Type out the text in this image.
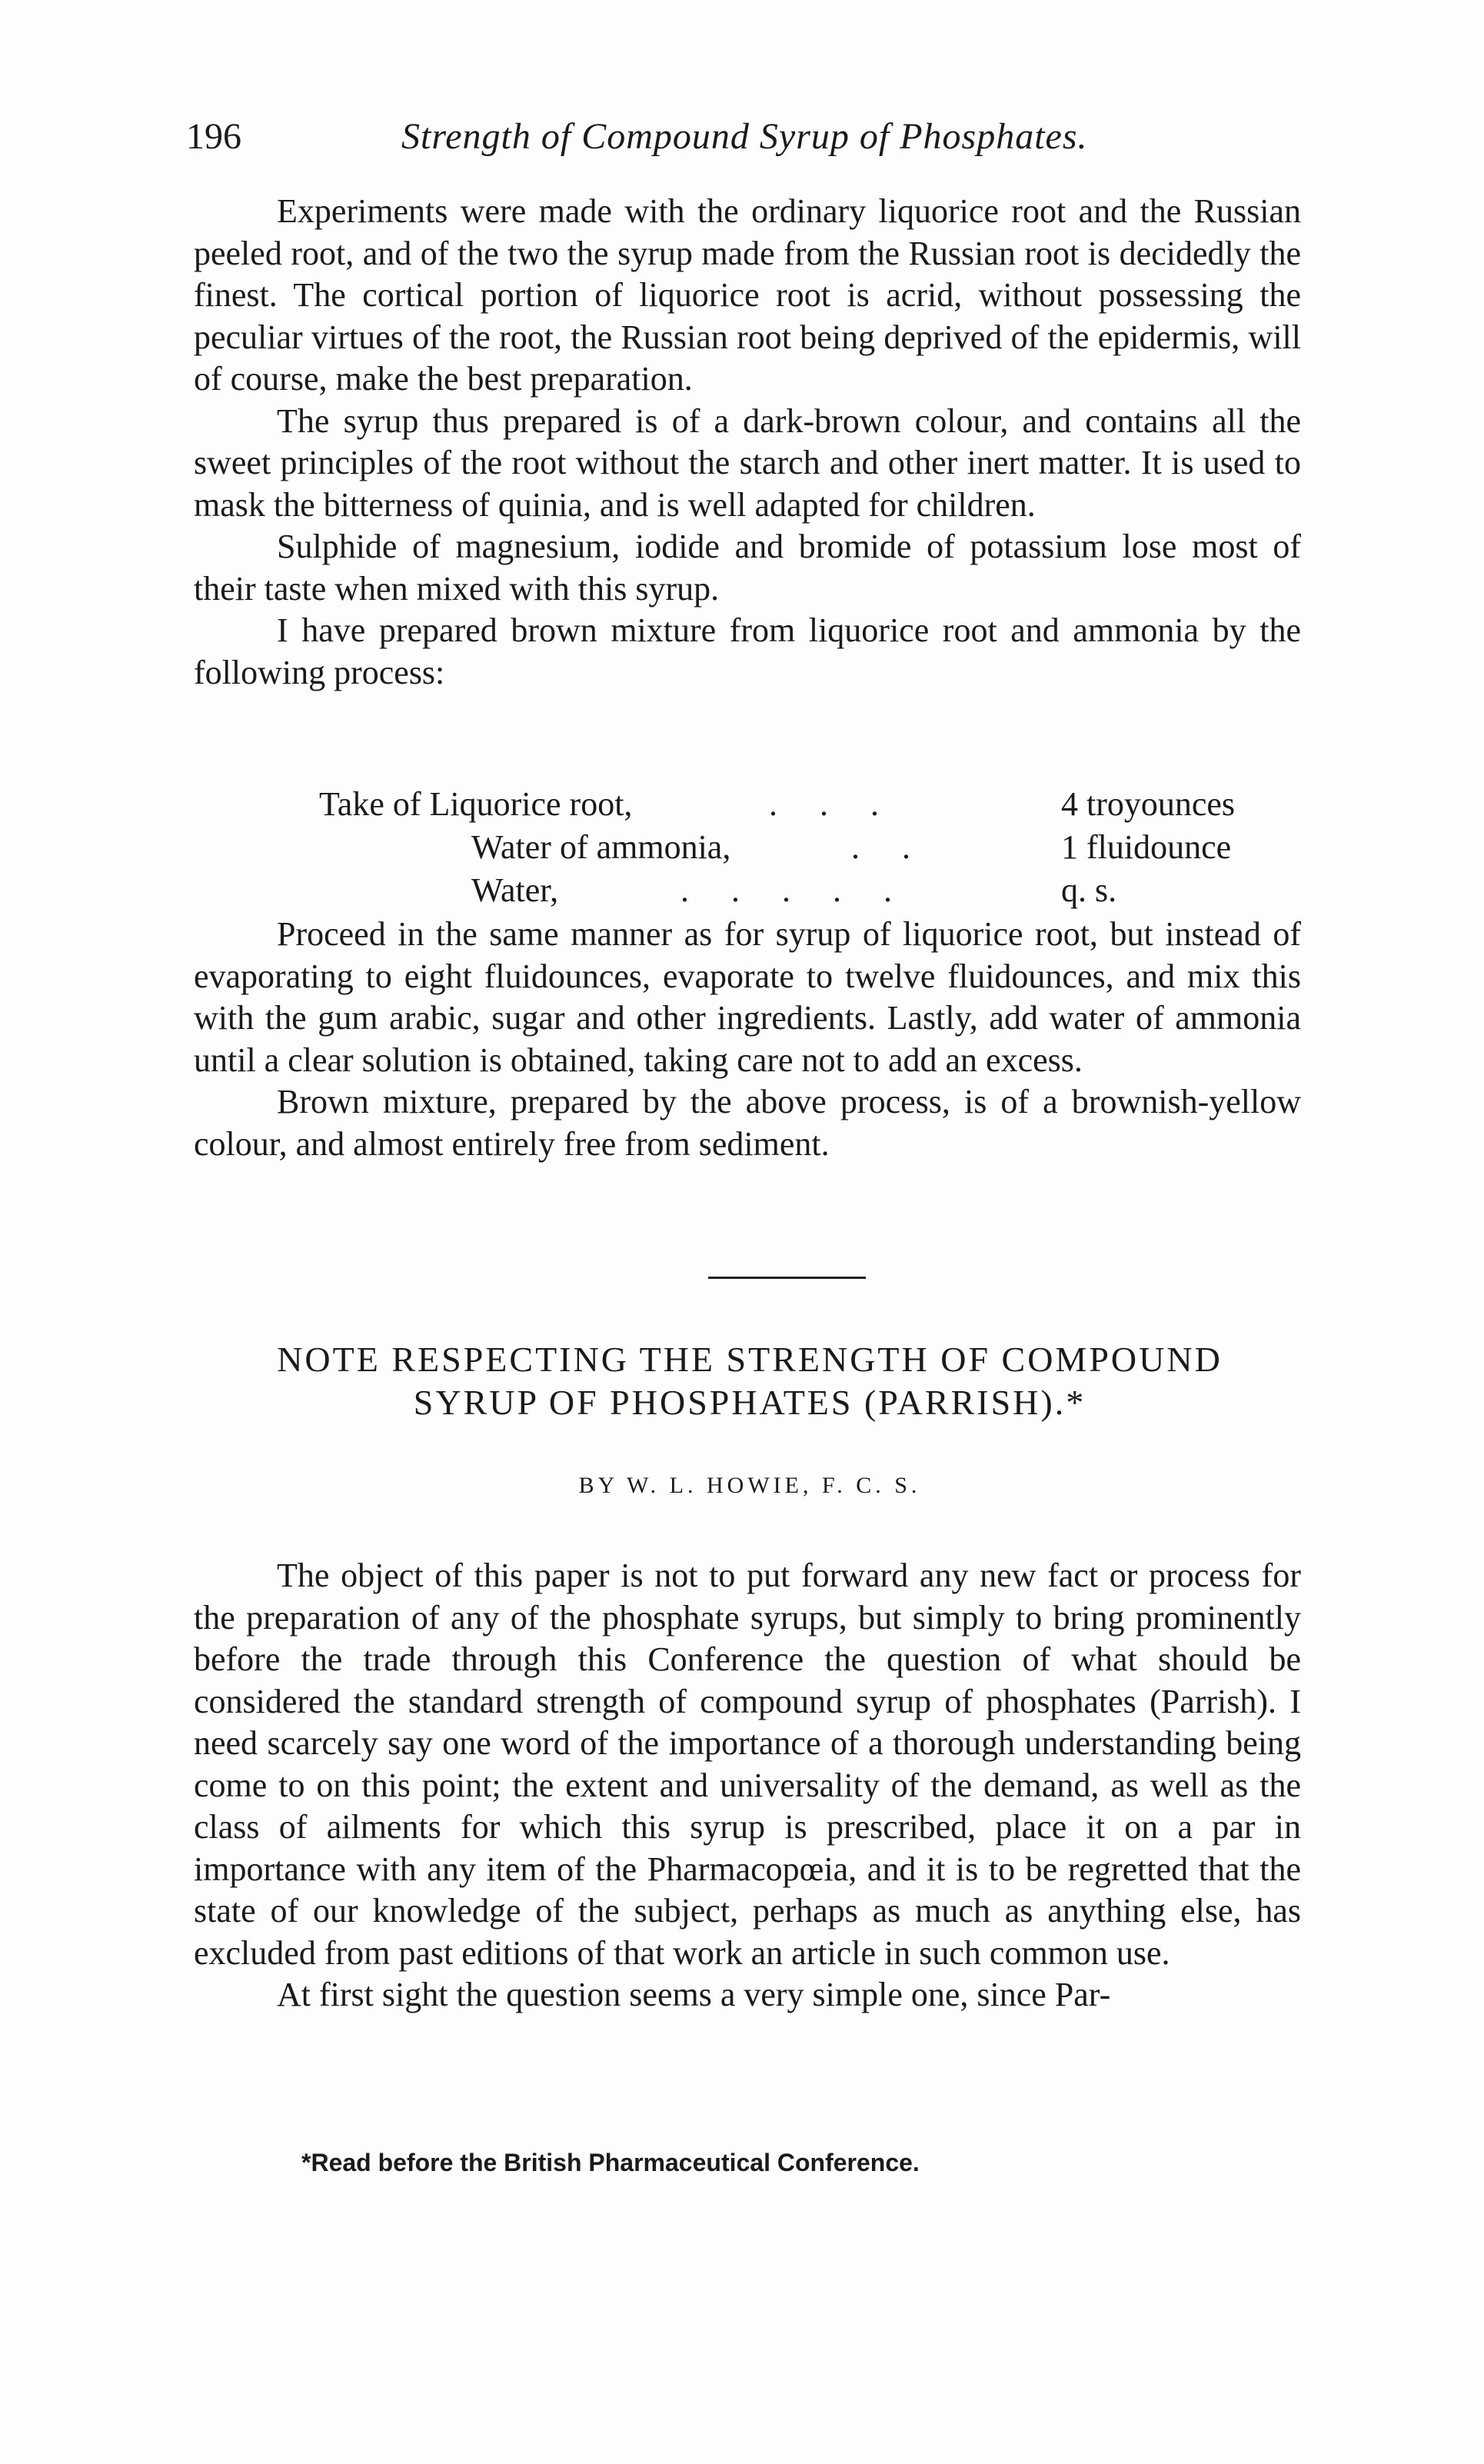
196	Strength of Compound Syrup of Phosphates.

Experiments were made with the ordinary liquorice root and the Russian peeled root, and of the two the syrup made from the Russian root is decidedly the finest. The cortical portion of liquorice root is acrid, without possessing the peculiar virtues of the root, the Russian root being deprived of the epidermis, will of course, make the best preparation.

The syrup thus prepared is of a dark-brown colour, and contains all the sweet principles of the root without the starch and other inert matter. It is used to mask the bitterness of quinia, and is well adapted for children.

Sulphide of magnesium, iodide and bromide of potassium lose most of their taste when mixed with this syrup.

I have prepared brown mixture from liquorice root and ammonia by the following process:

Take of Liquorice root,	.     .     .	4 troyounces
Water of ammonia,	.     .	1 fluidounce
Water,	.     .     .     .     .	q. s.

Proceed in the same manner as for syrup of liquorice root, but instead of evaporating to eight fluidounces, evaporate to twelve fluidounces, and mix this with the gum arabic, sugar and other ingredients. Lastly, add water of ammonia until a clear solution is obtained, taking care not to add an excess.

Brown mixture, prepared by the above process, is of a brownish-yellow colour, and almost entirely free from sediment.

NOTE RESPECTING THE STRENGTH OF COMPOUND
SYRUP OF PHOSPHATES (PARRISH).*
BY W. L. HOWIE, F. C. S.

The object of this paper is not to put forward any new fact or process for the preparation of any of the phosphate syrups, but simply to bring prominently before the trade through this Conference the question of what should be considered the standard strength of compound syrup of phosphates (Parrish). I need scarcely say one word of the importance of a thorough understanding being come to on this point; the extent and universality of the demand, as well as the class of ailments for which this syrup is prescribed, place it on a par in importance with any item of the Pharmacopœia, and it is to be regretted that the state of our knowledge of the subject, perhaps as much as anything else, has excluded from past editions of that work an article in such common use.

At first sight the question seems a very simple one, since Par-

*Read before the British Pharmaceutical Conference.
